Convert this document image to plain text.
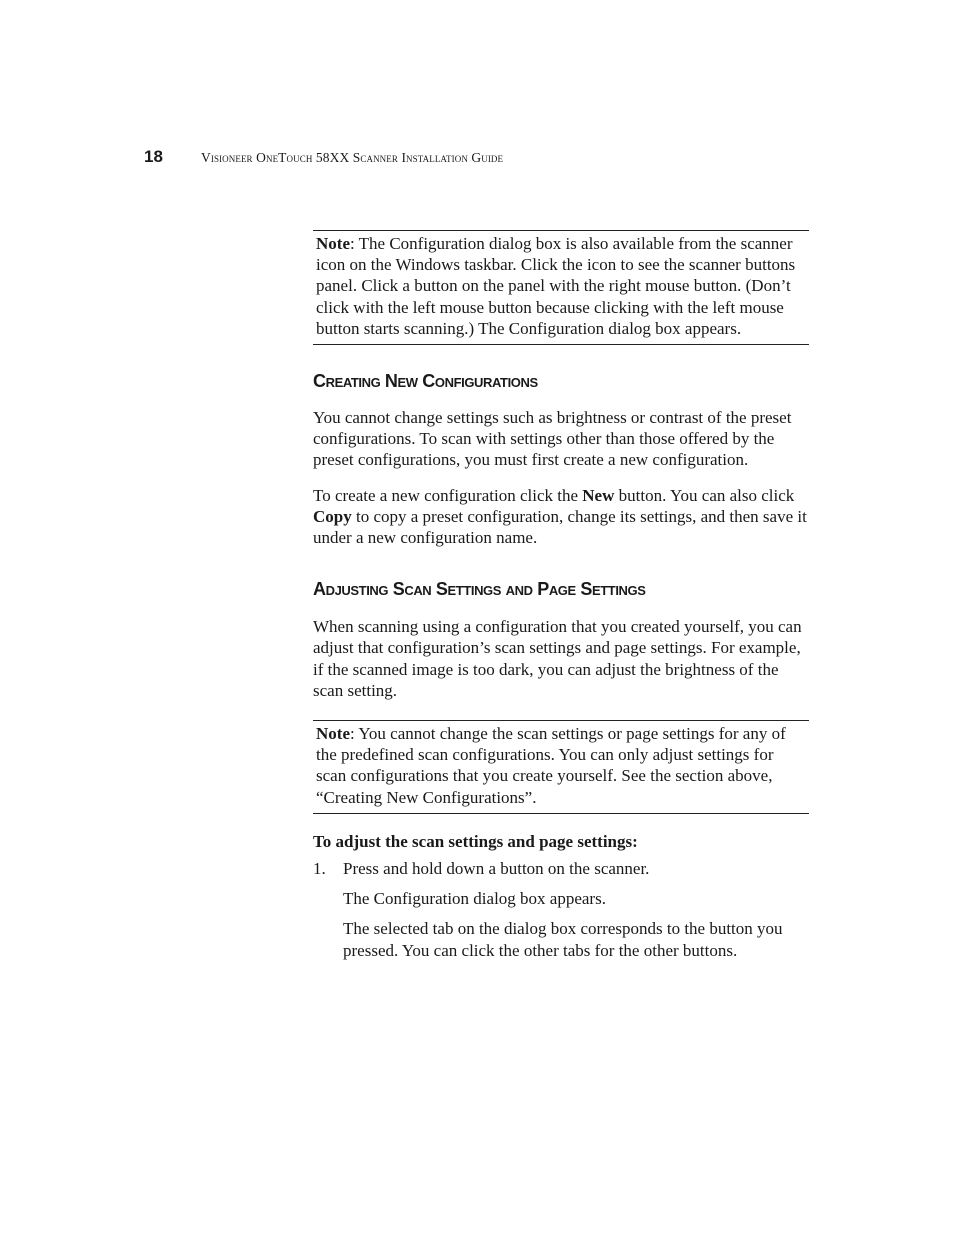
18	Visioneer OneTouch 58XX Scanner Installation Guide
Note: The Configuration dialog box is also available from the scanner icon on the Windows taskbar. Click the icon to see the scanner buttons panel. Click a button on the panel with the right mouse button. (Don’t click with the left mouse button because clicking with the left mouse button starts scanning.) The Configuration dialog box appears.
Creating New Configurations

You cannot change settings such as brightness or contrast of the preset configurations. To scan with settings other than those offered by the preset configurations, you must first create a new configuration.

To create a new configuration click the New button. You can also click Copy to copy a preset configuration, change its settings, and then save it under a new configuration name.

Adjusting Scan Settings and Page Settings

When scanning using a configuration that you created yourself, you can adjust that configuration’s scan settings and page settings. For example, if the scanned image is too dark, you can adjust the brightness of the scan setting.

Note: You cannot change the scan settings or page settings for any of the predefined scan configurations. You can only adjust settings for scan configurations that you create yourself. See the section above, “Creating New Configurations”.
To adjust the scan settings and page settings:
1.	Press and hold down a button on the scanner.

The Configuration dialog box appears.

The selected tab on the dialog box corresponds to the button you pressed. You can click the other tabs for the other buttons.
